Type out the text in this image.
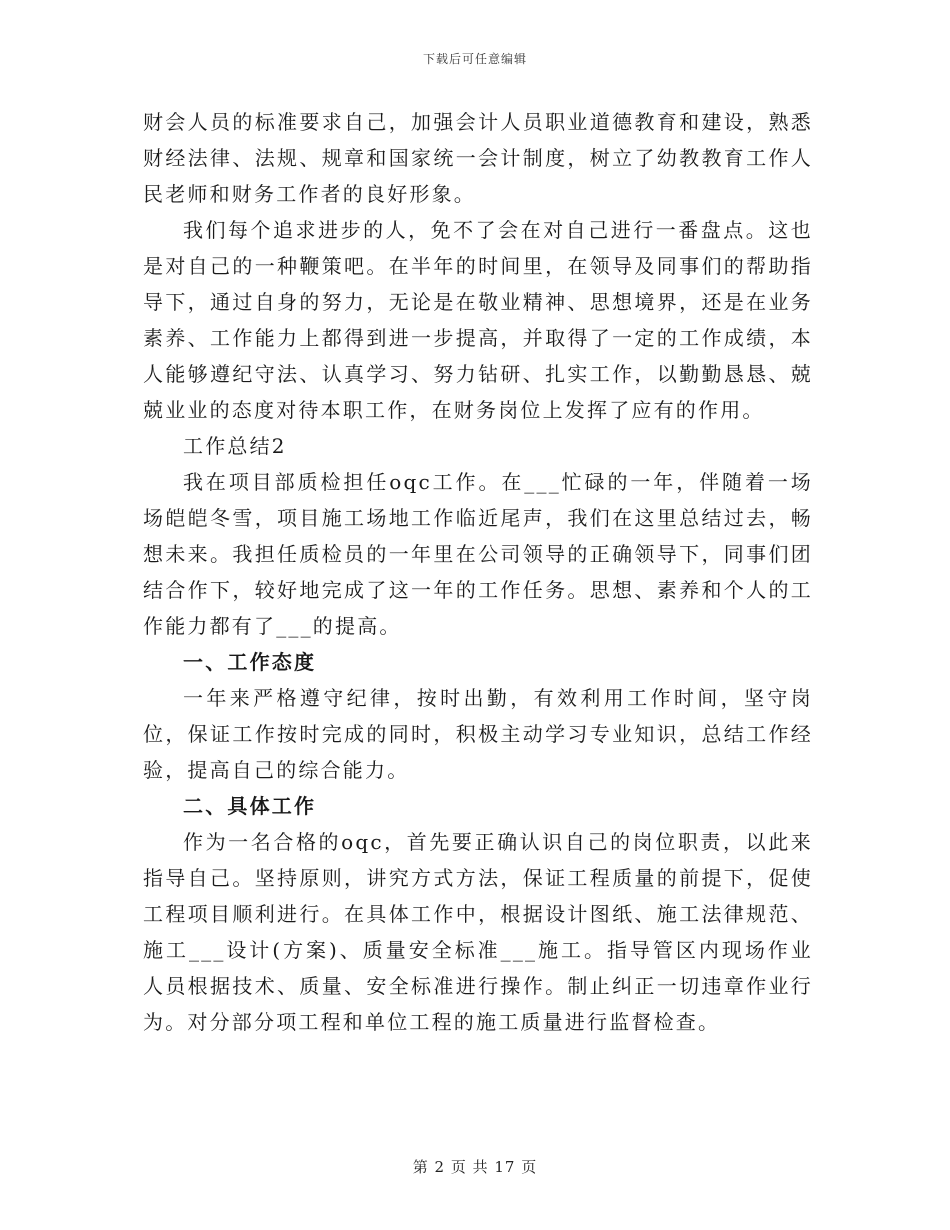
下载后可任意编辑

财会人员的标准要求自己，加强会计人员职业道德教育和建设，熟悉财经法律、法规、规章和国家统一会计制度，树立了幼教教育工作人民老师和财务工作者的良好形象。

我们每个追求进步的人，免不了会在对自己进行一番盘点。这也是对自己的一种鞭策吧。在半年的时间里，在领导及同事们的帮助指导下，通过自身的努力，无论是在敬业精神、思想境界，还是在业务素养、工作能力上都得到进一步提高，并取得了一定的工作成绩，本人能够遵纪守法、认真学习、努力钻研、扎实工作，以勤勤恳恳、兢兢业业的态度对待本职工作，在财务岗位上发挥了应有的作用。

工作总结2

我在项目部质检担任oqc工作。在___忙碌的一年，伴随着一场场皑皑冬雪，项目施工场地工作临近尾声，我们在这里总结过去，畅想未来。我担任质检员的一年里在公司领导的正确领导下，同事们团结合作下，较好地完成了这一年的工作任务。思想、素养和个人的工作能力都有了___的提高。

一、工作态度

一年来严格遵守纪律，按时出勤，有效利用工作时间，坚守岗位，保证工作按时完成的同时，积极主动学习专业知识，总结工作经验，提高自己的综合能力。

二、具体工作

作为一名合格的oqc，首先要正确认识自己的岗位职责，以此来指导自己。坚持原则，讲究方式方法，保证工程质量的前提下，促使工程项目顺利进行。在具体工作中，根据设计图纸、施工法律规范、施工___设计(方案)、质量安全标准___施工。指导管区内现场作业人员根据技术、质量、安全标准进行操作。制止纠正一切违章作业行为。对分部分项工程和单位工程的施工质量进行监督检查。

第 2 页 共 17 页
